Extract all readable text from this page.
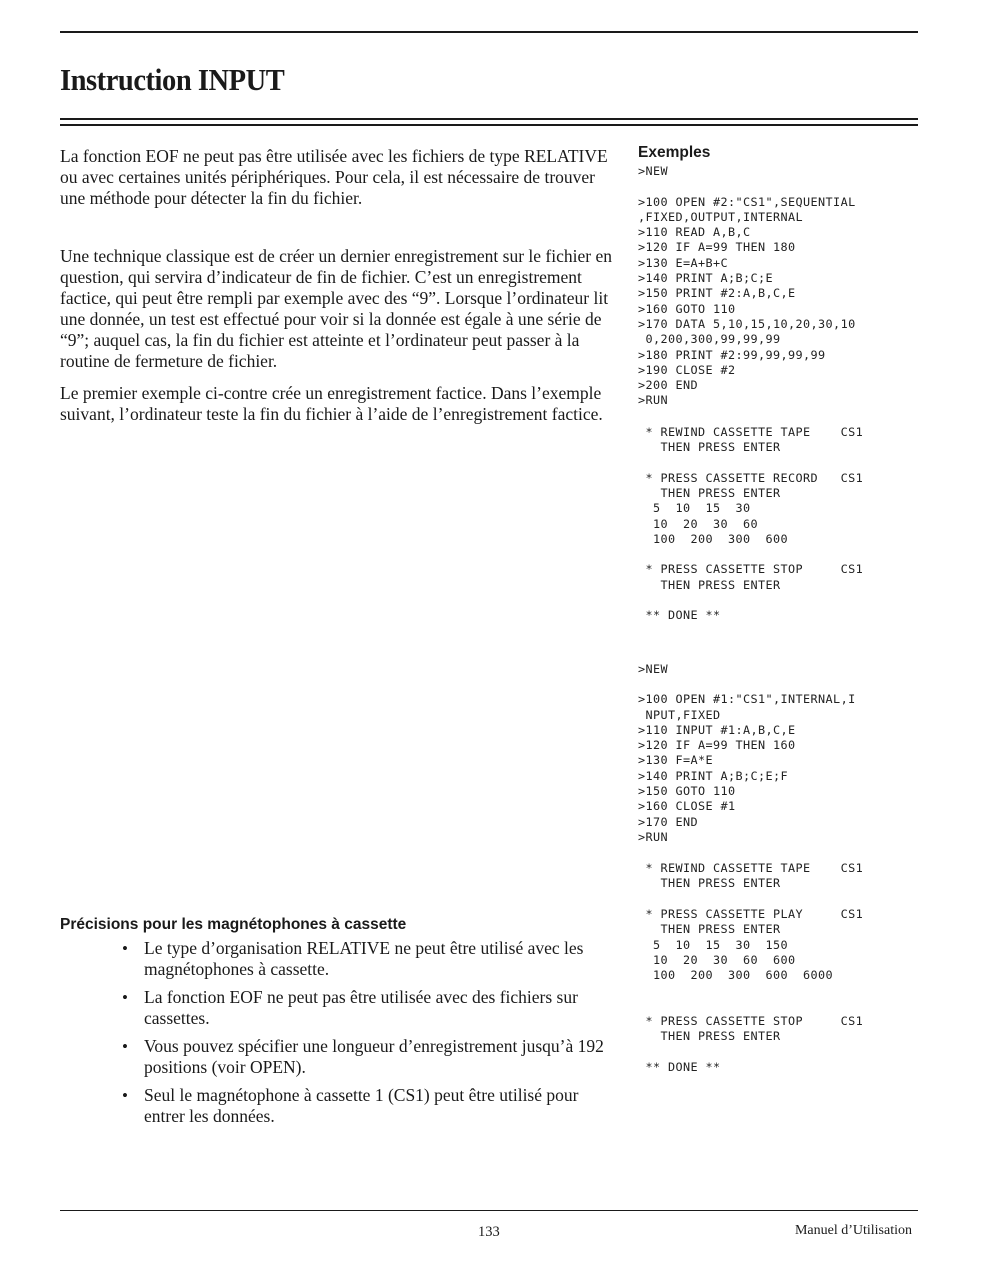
Instruction INPUT

La fonction EOF ne peut pas être utilisée avec les fichiers de type RELATIVE ou avec certaines unités périphériques. Pour cela, il est nécessaire de trouver une méthode pour détecter la fin du fichier.

Une technique classique est de créer un dernier enregistrement sur le fichier en question, qui servira d’indicateur de fin de fichier. C’est un enregistrement factice, qui peut être rempli par exemple avec des “9”. Lorsque l’ordinateur lit une donnée, un test est effectué pour voir si la donnée est égale à une série de “9”; auquel cas, la fin du fichier est atteinte et l’ordinateur peut passer à la routine de fermeture de fichier.

Le premier exemple ci-contre crée un enregistrement factice. Dans l’exemple suivant, l’ordinateur teste la fin du fichier à l’aide de l’enregistrement factice.

Précisions pour les magnétophones à cassette
• Le type d’organisation RELATIVE ne peut être utilisé avec les magnétophones à cassette.
• La fonction EOF ne peut pas être utilisée avec des fichiers sur cassettes.
• Vous pouvez spécifier une longueur d’enregistrement jusqu’à 192 positions (voir OPEN).
• Seul le magnétophone à cassette 1 (CS1) peut être utilisé pour entrer les données.
Exemples
>NEW

>100 OPEN #2:"CS1",SEQUENTIAL
,FIXED,OUTPUT,INTERNAL
>110 READ A,B,C
>120 IF A=99 THEN 180
>130 E=A+B+C
>140 PRINT A;B;C;E
>150 PRINT #2:A,B,C,E
>160 GOTO 110
>170 DATA 5,10,15,10,20,30,10
0,200,300,99,99,99
>180 PRINT #2:99,99,99,99
>190 CLOSE #2
>200 END
>RUN
* REWIND CASSETTE TAPE    CS1
THEN PRESS ENTER

* PRESS CASSETTE RECORD   CS1
THEN PRESS ENTER
5  10  15  30
10  20  30  60
100  200  300  600

* PRESS CASSETTE STOP     CS1
THEN PRESS ENTER

** DONE **
>NEW

>100 OPEN #1:"CS1",INTERNAL,I
NPUT,FIXED
>110 INPUT #1:A,B,C,E
>120 IF A=99 THEN 160
>130 F=A*E
>140 PRINT A;B;C;E;F
>150 GOTO 110
>160 CLOSE #1
>170 END
>RUN
* REWIND CASSETTE TAPE    CS1
THEN PRESS ENTER

* PRESS CASSETTE PLAY     CS1
THEN PRESS ENTER
5  10  15  30  150
10  20  30  60  600
100  200  300  600  6000

* PRESS CASSETTE STOP     CS1
THEN PRESS ENTER

** DONE **
133	Manuel d’Utilisation
